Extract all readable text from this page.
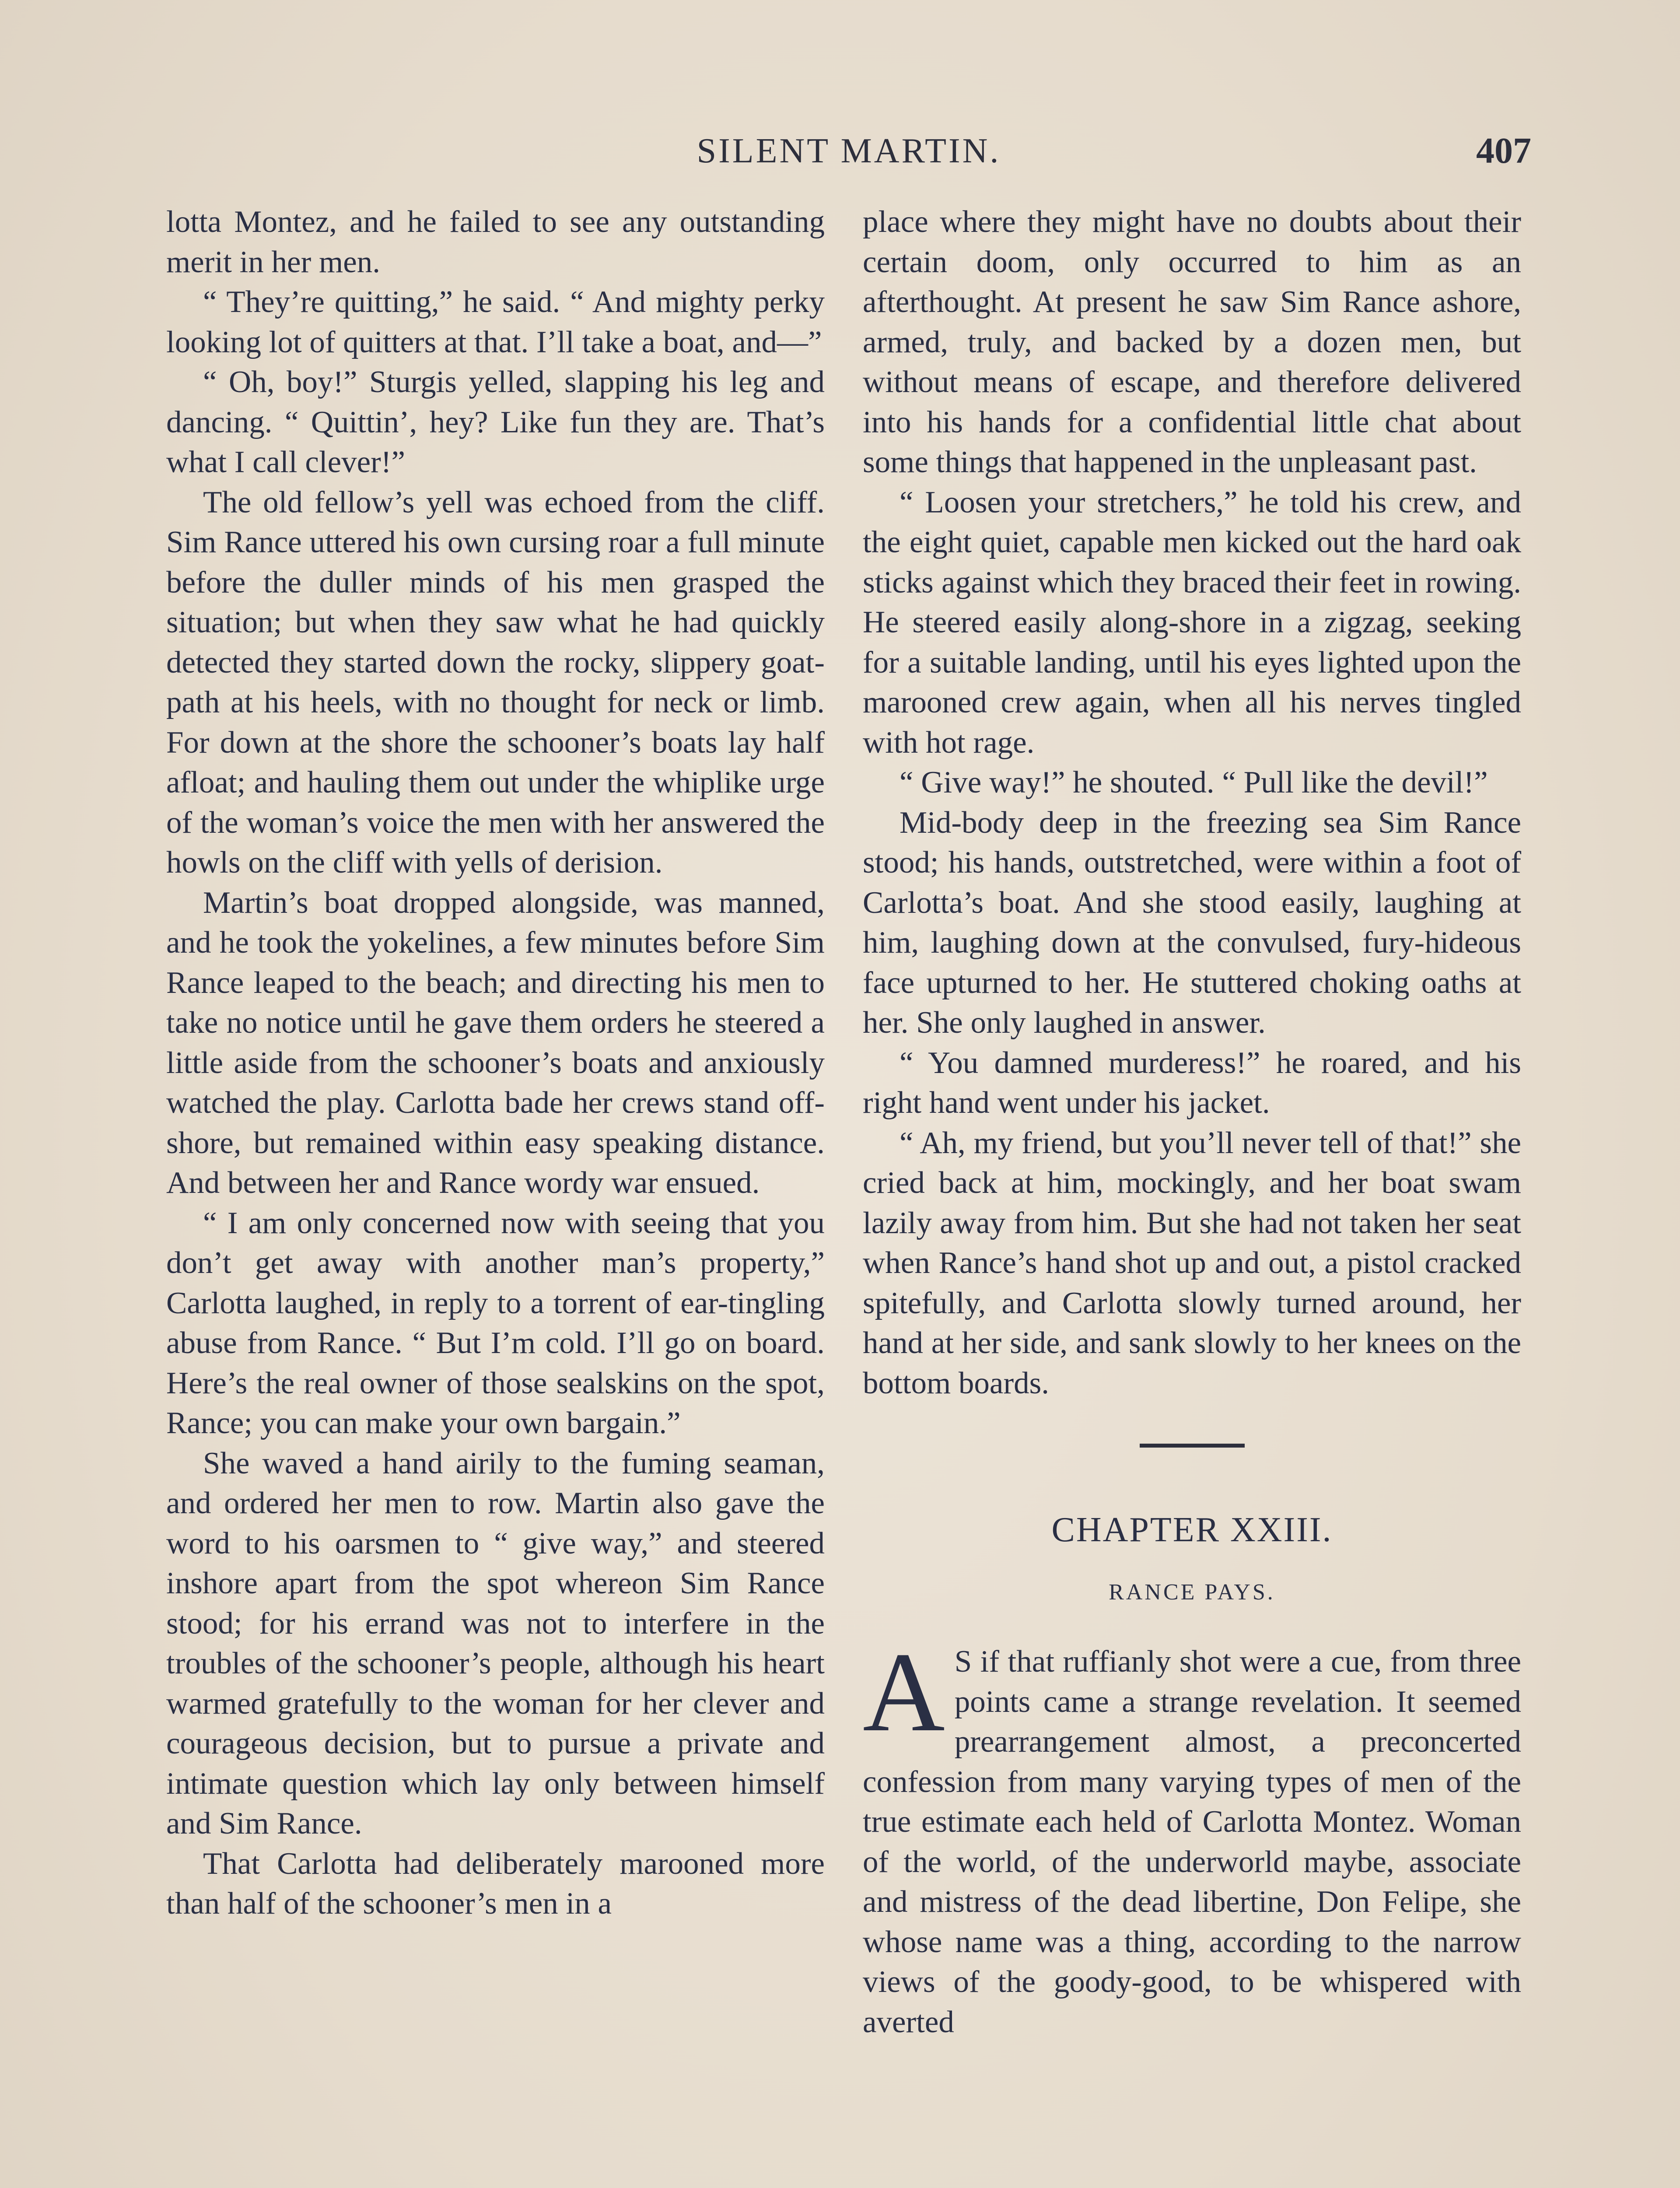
SILENT MARTIN.	407

lotta Montez, and he failed to see any outstanding merit in her men.

“ They’re quitting,” he said. “ And mighty perky looking lot of quitters at that. I’ll take a boat, and—”

“ Oh, boy!” Sturgis yelled, slapping his leg and dancing. “ Quittin’, hey? Like fun they are. That’s what I call clever!”

The old fellow’s yell was echoed from the cliff. Sim Rance uttered his own cursing roar a full minute before the duller minds of his men grasped the situation; but when they saw what he had quickly detected they started down the rocky, slippery goat-path at his heels, with no thought for neck or limb. For down at the shore the schooner’s boats lay half afloat; and hauling them out under the whiplike urge of the woman’s voice the men with her answered the howls on the cliff with yells of derision.

Martin’s boat dropped alongside, was manned, and he took the yokelines, a few minutes before Sim Rance leaped to the beach; and directing his men to take no notice until he gave them orders he steered a little aside from the schooner’s boats and anxiously watched the play. Carlotta bade her crews stand off-shore, but remained within easy speaking distance. And between her and Rance wordy war ensued.

“ I am only concerned now with seeing that you don’t get away with another man’s property,” Carlotta laughed, in reply to a torrent of ear-tingling abuse from Rance. “ But I’m cold. I’ll go on board. Here’s the real owner of those sealskins on the spot, Rance; you can make your own bargain.”

She waved a hand airily to the fuming seaman, and ordered her men to row. Martin also gave the word to his oarsmen to “ give way,” and steered inshore apart from the spot whereon Sim Rance stood; for his errand was not to interfere in the troubles of the schooner’s people, although his heart warmed gratefully to the woman for her clever and courageous decision, but to pursue a private and intimate question which lay only between himself and Sim Rance.

That Carlotta had deliberately marooned more than half of the schooner’s men in a

place where they might have no doubts about their certain doom, only occurred to him as an afterthought. At present he saw Sim Rance ashore, armed, truly, and backed by a dozen men, but without means of escape, and therefore delivered into his hands for a confidential little chat about some things that happened in the unpleasant past.

“ Loosen your stretchers,” he told his crew, and the eight quiet, capable men kicked out the hard oak sticks against which they braced their feet in rowing. He steered easily along-shore in a zigzag, seeking for a suitable landing, until his eyes lighted upon the marooned crew again, when all his nerves tingled with hot rage.

“ Give way!” he shouted. “ Pull like the devil!”

Mid-body deep in the freezing sea Sim Rance stood; his hands, outstretched, were within a foot of Carlotta’s boat. And she stood easily, laughing at him, laughing down at the convulsed, fury-hideous face upturned to her. He stuttered choking oaths at her. She only laughed in answer.

“ You damned murderess!” he roared, and his right hand went under his jacket.

“ Ah, my friend, but you’ll never tell of that!” she cried back at him, mockingly, and her boat swam lazily away from him. But she had not taken her seat when Rance’s hand shot up and out, a pistol cracked spitefully, and Carlotta slowly turned around, her hand at her side, and sank slowly to her knees on the bottom boards.

CHAPTER XXIII.
RANCE PAYS.

A S if that ruffianly shot were a cue, from three points came a strange revelation. It seemed prearrangement almost, a preconcerted confession from many varying types of men of the true estimate each held of Carlotta Montez. Woman of the world, of the underworld maybe, associate and mistress of the dead libertine, Don Felipe, she whose name was a thing, according to the narrow views of the goody-good, to be whispered with averted
